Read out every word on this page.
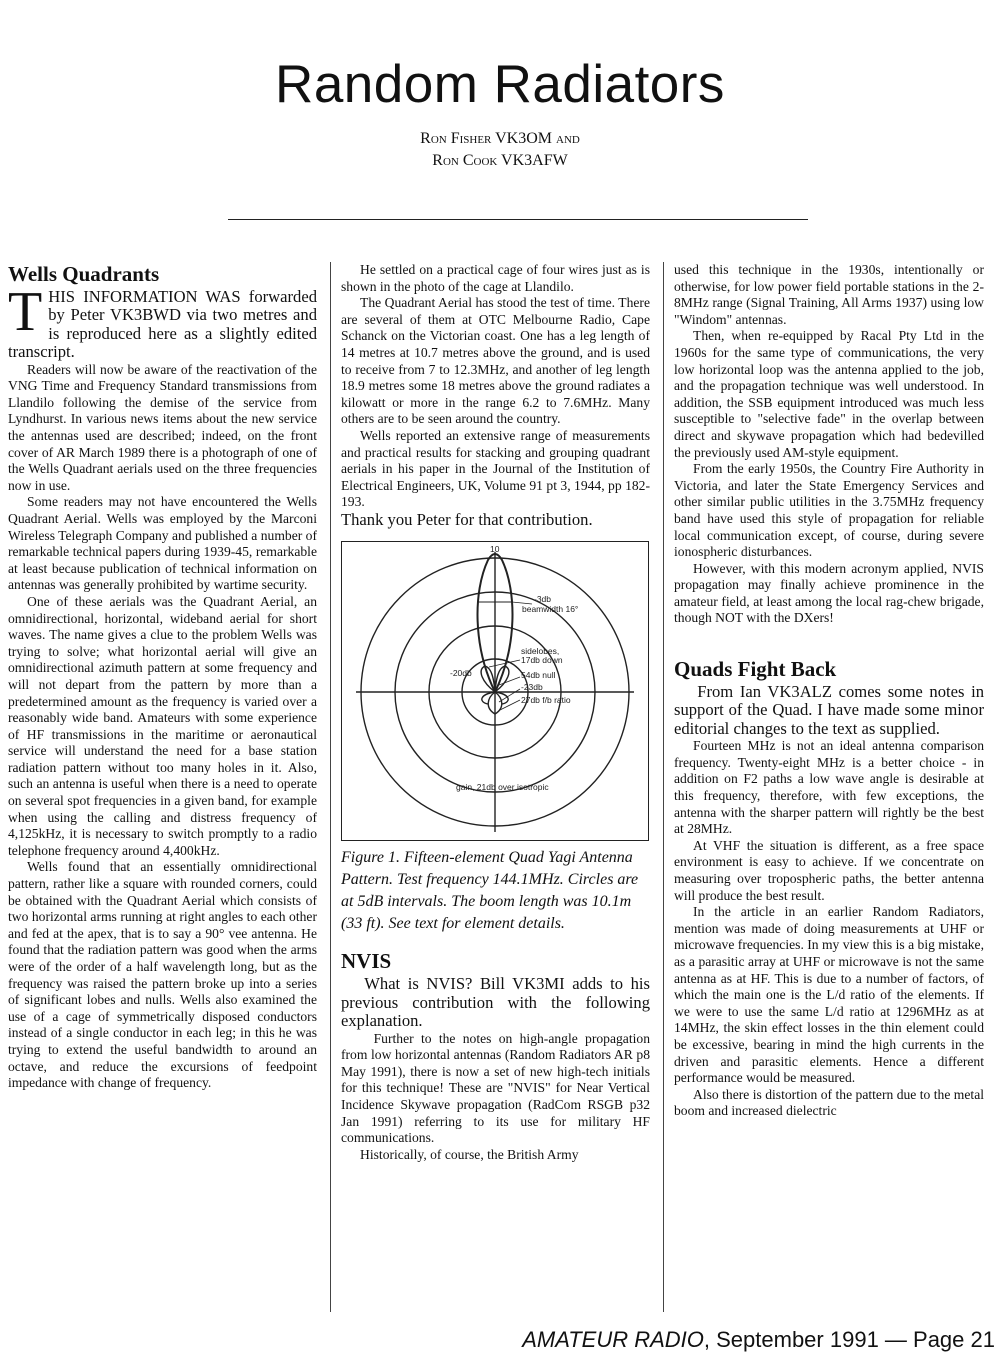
Random Radiators
Ron Fisher VK3OM and
Ron Cook VK3AFW
Wells Quadrants
T HIS INFORMATION WAS forwarded by Peter VK3BWD via two metres and is reproduced here as a slightly edited transcript.

Readers will now be aware of the reactivation of the VNG Time and Frequency Standard transmissions from Llandilo following the demise of the service from Lyndhurst. In various news items about the new service the antennas used are described; indeed, on the front cover of AR March 1989 there is a photograph of one of the Wells Quadrant aerials used on the three frequencies now in use.

Some readers may not have encountered the Wells Quadrant Aerial. Wells was employed by the Marconi Wireless Telegraph Company and published a number of remarkable technical papers during 1939-45, remarkable at least because publication of technical information on antennas was generally prohibited by wartime security.

One of these aerials was the Quadrant Aerial, an omnidirectional, horizontal, wideband aerial for short waves. The name gives a clue to the problem Wells was trying to solve; what horizontal aerial will give an omnidirectional azimuth pattern at some frequency and will not depart from the pattern by more than a predetermined amount as the frequency is varied over a reasonably wide band. Amateurs with some experience of HF transmissions in the maritime or aeronautical service will understand the need for a base station radiation pattern without too many holes in it. Also, such an antenna is useful when there is a need to operate on several spot frequencies in a given band, for example when using the calling and distress frequency of 4,125kHz, it is necessary to switch promptly to a radio telephone frequency around 4,400kHz.

Wells found that an essentially omnidirectional pattern, rather like a square with rounded corners, could be obtained with the Quadrant Aerial which consists of two horizontal arms running at right angles to each other and fed at the apex, that is to say a 90° vee antenna. He found that the radiation pattern was good when the arms were of the order of a half wavelength long, but as the frequency was raised the pattern broke up into a series of significant lobes and nulls. Wells also examined the use of a cage of symmetrically disposed conductors instead of a single conductor in each leg; in this he was trying to extend the useful bandwidth to around an octave, and reduce the excursions of feedpoint impedance with change of frequency.

He settled on a practical cage of four wires just as is shown in the photo of the cage at Llandilo.

The Quadrant Aerial has stood the test of time. There are several of them at OTC Melbourne Radio, Cape Schanck on the Victorian coast. One has a leg length of 14 metres at 10.7 metres above the ground, and is used to receive from 7 to 12.3MHz, and another of leg length 18.9 metres some 18 metres above the ground radiates a kilowatt or more in the range 6.2 to 7.6MHz. Many others are to be seen around the country.

Wells reported an extensive range of measurements and practical results for stacking and grouping quadrant aerials in his paper in the Journal of the Institution of Electrical Engineers, UK, Volume 91 pt 3, 1944, pp 182-193.

Thank you Peter for that contribution.

10
-3db
beamwidth 16°
-20db
sidelobes,
17db down
54db null
-23db
27db f/b ratio
gain, 21db over isotropic
Figure 1. Fifteen-element Quad Yagi Antenna Pattern. Test frequency 144.1MHz. Circles are at 5dB intervals. The boom length was 10.1m (33 ft). See text for element details.
NVIS

What is NVIS? Bill VK3MI adds to his previous contribution with the following explanation.

Further to the notes on high-angle propagation from low horizontal antennas (Random Radiators AR p8 May 1991), there is now a set of new high-tech initials for this technique! These are "NVIS" for Near Vertical Incidence Skywave propagation (RadCom RSGB p32 Jan 1991) referring to its use for military HF communications.

Historically, of course, the British Army

used this technique in the 1930s, intentionally or otherwise, for low power field portable stations in the 2-8MHz range (Signal Training, All Arms 1937) using low "Windom" antennas.

Then, when re-equipped by Racal Pty Ltd in the 1960s for the same type of communications, the very low horizontal loop was the antenna applied to the job, and the propagation technique was well understood. In addition, the SSB equipment introduced was much less susceptible to "selective fade" in the overlap between direct and skywave propagation which had bedevilled the previously used AM-style equipment.

From the early 1950s, the Country Fire Authority in Victoria, and later the State Emergency Services and other similar public utilities in the 3.75MHz frequency band have used this style of propagation for reliable local communication except, of course, during severe ionospheric disturbances.

However, with this modern acronym applied, NVIS propagation may finally achieve prominence in the amateur field, at least among the local rag-chew brigade, though NOT with the DXers!

Quads Fight Back

From Ian VK3ALZ comes some notes in support of the Quad. I have made some minor editorial changes to the text as supplied.

Fourteen MHz is not an ideal antenna comparison frequency. Twenty-eight MHz is a better choice - in addition on F2 paths a low wave angle is desirable at this frequency, therefore, with few exceptions, the antenna with the sharper pattern will rightly be the best at 28MHz.

At VHF the situation is different, as a free space environment is easy to achieve. If we concentrate on measuring over tropospheric paths, the better antenna will produce the best result.

In the article in an earlier Random Radiators, mention was made of doing measurements at UHF or microwave frequencies. In my view this is a big mistake, as a parasitic array at UHF or microwave is not the same antenna as at HF. This is due to a number of factors, of which the main one is the L/d ratio of the elements. If we were to use the same L/d ratio at 1296MHz as at 14MHz, the skin effect losses in the thin element could be excessive, bearing in mind the high currents in the driven and parasitic elements. Hence a different performance would be measured.

Also there is distortion of the pattern due to the metal boom and increased dielectric

AMATEUR RADIO, September 1991 — Page 21
